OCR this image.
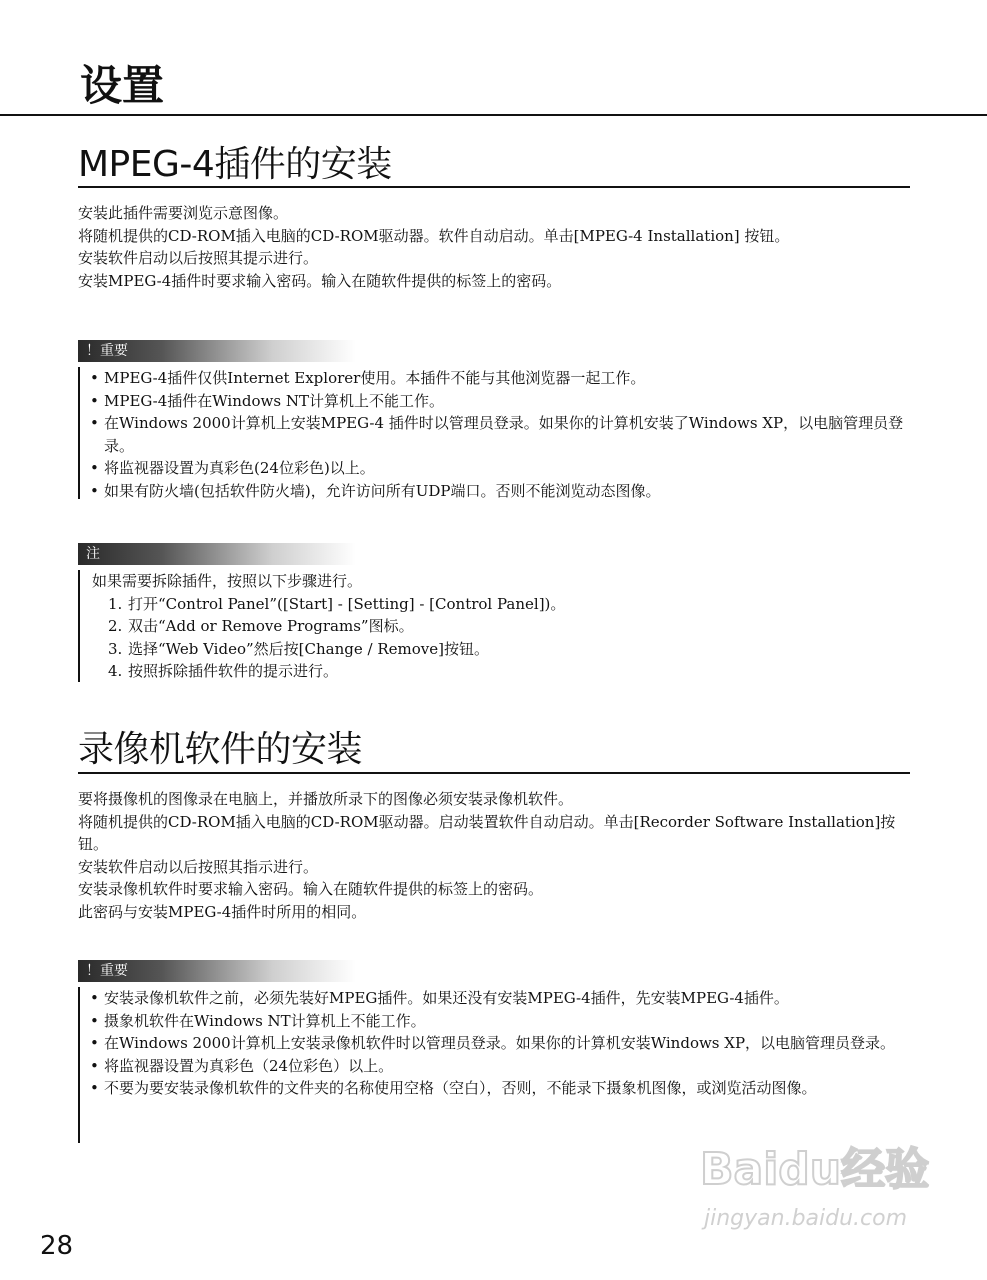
设置
MPEG-4插件的安装

安装此插件需要浏览示意图像。

将随机提供的CD-ROM插入电脑的CD-ROM驱动器。软件自动启动。单击[MPEG-4 Installation] 按钮。

安装软件启动以后按照其提示进行。

安装MPEG-4插件时要求输入密码。输入在随软件提供的标签上的密码。

！重要
• MPEG-4插件仅供Internet Explorer使用。本插件不能与其他浏览器一起工作。
• MPEG-4插件在Windows NT计算机上不能工作。
• 在Windows 2000计算机上安装MPEG-4 插件时以管理员登录。如果你的计算机安装了Windows XP，以电脑管理员登录。
• 将监视器设置为真彩色(24位彩色)以上。
• 如果有防火墙(包括软件防火墙)，允许访问所有UDP端口。否则不能浏览动态图像。
注

如果需要拆除插件，按照以下步骤进行。

1. 打开“Control Panel”([Start] - [Setting] - [Control Panel])。
2. 双击“Add or Remove Programs”图标。
3. 选择“Web Video”然后按[Change / Remove]按钮。
4. 按照拆除插件软件的提示进行。
录像机软件的安装

要将摄像机的图像录在电脑上，并播放所录下的图像必须安装录像机软件。

将随机提供的CD-ROM插入电脑的CD-ROM驱动器。启动装置软件自动启动。单击[Recorder Software Installation]按钮。

安装软件启动以后按照其指示进行。

安装录像机软件时要求输入密码。输入在随软件提供的标签上的密码。

此密码与安装MPEG-4插件时所用的相同。

！重要
• 安装录像机软件之前，必须先装好MPEG插件。如果还没有安装MPEG-4插件，先安装MPEG-4插件。
• 摄象机软件在Windows NT计算机上不能工作。
• 在Windows 2000计算机上安装录像机软件时以管理员登录。如果你的计算机安装Windows XP，以电脑管理员登录。
• 将监视器设置为真彩色（24位彩色）以上。
• 不要为要安装录像机软件的文件夹的名称使用空格（空白），否则，不能录下摄象机图像，或浏览活动图像。
Baidu经验
jingyan.baidu.com
28
